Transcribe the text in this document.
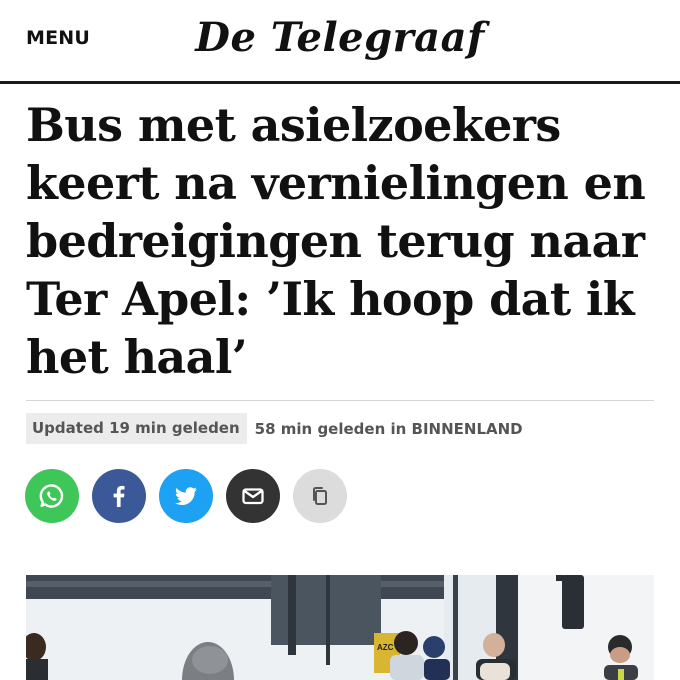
MENU	De Telegraaf
Bus met asielzoekers keert na vernielingen en bedreigingen terug naar Ter Apel: ’Ik hoop dat ik het haal’
Updated 19 min geleden	58 min geleden in BINNENLAND
AZC
